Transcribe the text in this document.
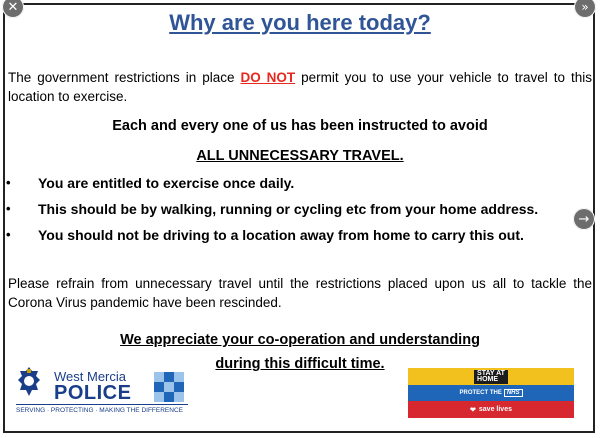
✕	»
→
Why are you here today?
The government restrictions in place DO NOT permit you to use your vehicle to travel to this location to exercise.
Each and every one of us has been instructed to avoid
ALL UNNECESSARY TRAVEL.
• You are entitled to exercise once daily.
• This should be by walking, running or cycling etc from your home address.
• You should not be driving to a location away from home to carry this out.
Please refrain from unnecessary travel until the restrictions placed upon us all to tackle the Corona Virus pandemic have been rescinded.
We appreciate your co-operation and understanding
during this difficult time.
West Mercia
POLICE
SERVING · PROTECTING · MAKING THE DIFFERENCE
STAY AT
HOME
PROTECT THE NHS
❤ save lives
